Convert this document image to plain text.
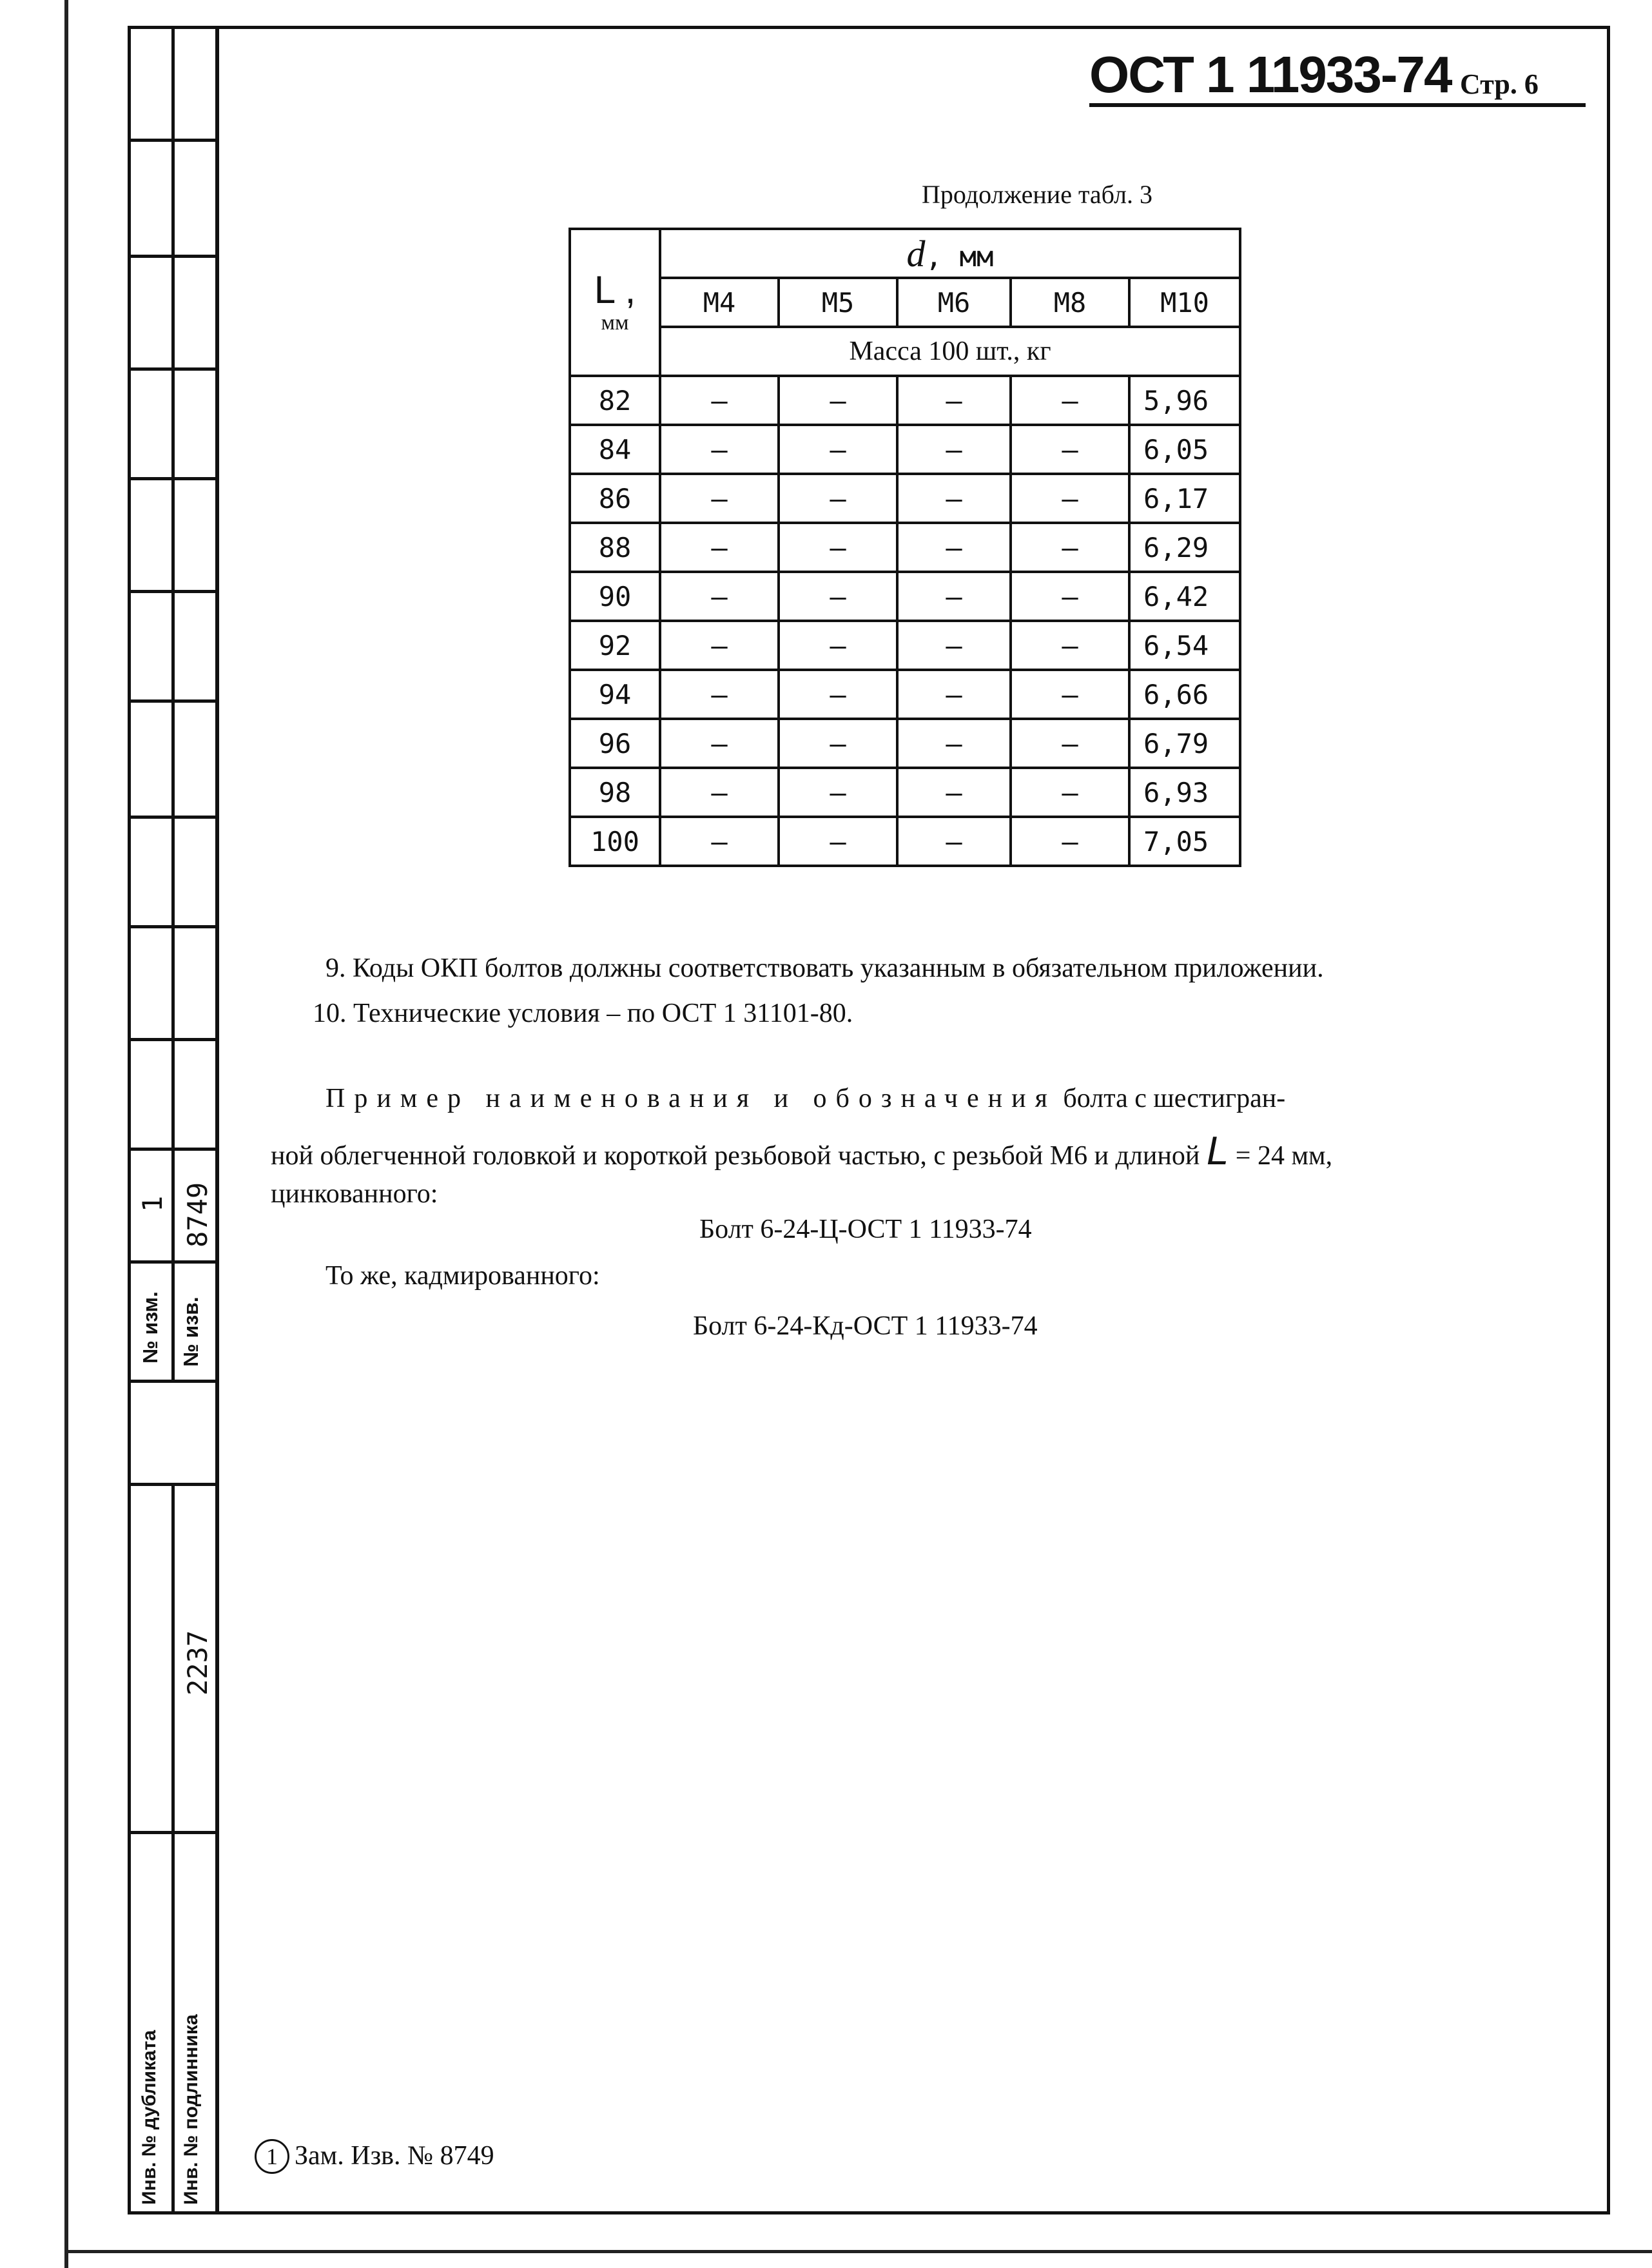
№ изм. № изв.
1 8749
2237
Инв. № дубликата Инв. № подлинника
ОСТ 1 11933-74 Стр. 6
Продолжение табл. 3
L ,
мм	d, мм				
	M4	M5	M6	M8	M10
	Масса 100 шт., кг				
82	–	–	–	–	5,96
84	–	–	–	–	6,05
86	–	–	–	–	6,17
88	–	–	–	–	6,29
90	–	–	–	–	6,42
92	–	–	–	–	6,54
94	–	–	–	–	6,66
96	–	–	–	–	6,79
98	–	–	–	–	6,93
100	–	–	–	–	7,05
9. Коды ОКП болтов должны соответствовать указанным в обязательном приложении.
10. Технические условия – по ОСТ 1 31101-80.
Пример наименования и обозначения болта с шестигран-
ной облегченной головкой и короткой резьбовой частью, с резьбой M6 и длиной L = 24 мм,
цинкованного:
Болт 6-24-Ц-ОСТ 1 11933-74
То же, кадмированного:
Болт 6-24-Кд-ОСТ 1 11933-74
1 Зам. Изв. № 8749
